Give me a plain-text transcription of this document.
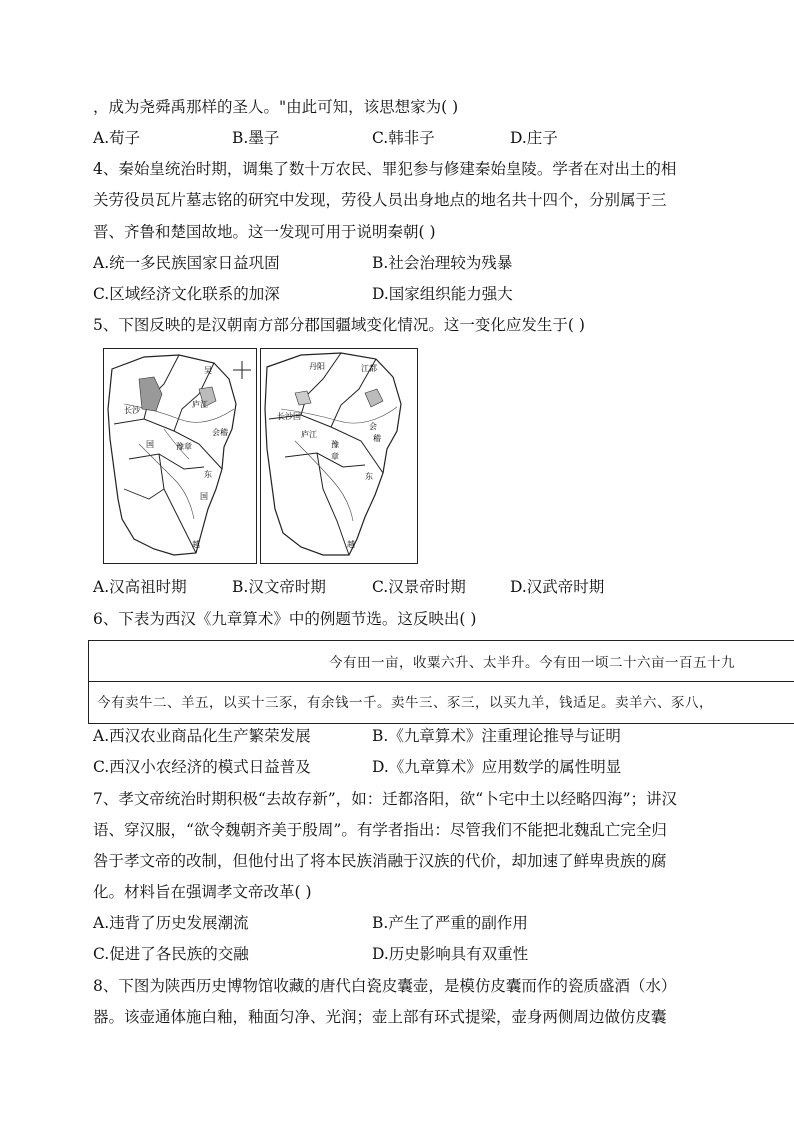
，成为尧舜禹那样的圣人。"由此可知，该思想家为( )
A.荀子	B.墨子	C.韩非子	D.庄子
4、秦始皇统治时期，调集了数十万农民、罪犯参与修建秦始皇陵。学者在对出土的相
关劳役员瓦片墓志铭的研究中发现，劳役人员出身地点的地名共十四个，分别属于三
晋、齐鲁和楚国故地。这一发现可用于说明秦朝( )
A.统一多民族国家日益巩固	B.社会治理较为残暴
C.区域经济文化联系的加深	D.国家组织能力强大
5、下图反映的是汉朝南方部分郡国疆域变化情况。这一变化应发生于( )
吴
长沙
国
会稽
东
越
国
豫章
庐江
丹阳	江都
长沙国
会
稽
豫
章
越
东
庐江
A.汉高祖时期	B.汉文帝时期	C.汉景帝时期	D.汉武帝时期
6、下表为西汉《九章算术》中的例题节选。这反映出( )
今有田一亩，收粟六升、太半升。今有田一顷二十六亩一百五十九
今有卖牛二、羊五，以买十三豕，有余钱一千。卖牛三、豕三，以买九羊，钱适足。卖羊六、豕八，
A.西汉农业商品化生产繁荣发展	B.《九章算术》注重理论推导与证明
C.西汉小农经济的模式日益普及	D.《九章算术》应用数学的属性明显
7、孝文帝统治时期积极“去故存新”，如：迁都洛阳，欲“卜宅中土以经略四海”；讲汉
语、穿汉服，“欲令魏朝齐美于殷周”。有学者指出：尽管我们不能把北魏乱亡完全归
咎于孝文帝的改制，但他付出了将本民族消融于汉族的代价，却加速了鲜卑贵族的腐
化。材料旨在强调孝文帝改革( )
A.违背了历史发展潮流	B.产生了严重的副作用
C.促进了各民族的交融	D.历史影响具有双重性
8、下图为陕西历史博物馆收藏的唐代白瓷皮囊壶，是模仿皮囊而作的瓷质盛酒（水）
器。该壶通体施白釉，釉面匀净、光润；壶上部有环式提梁，壶身两侧周边做仿皮囊
